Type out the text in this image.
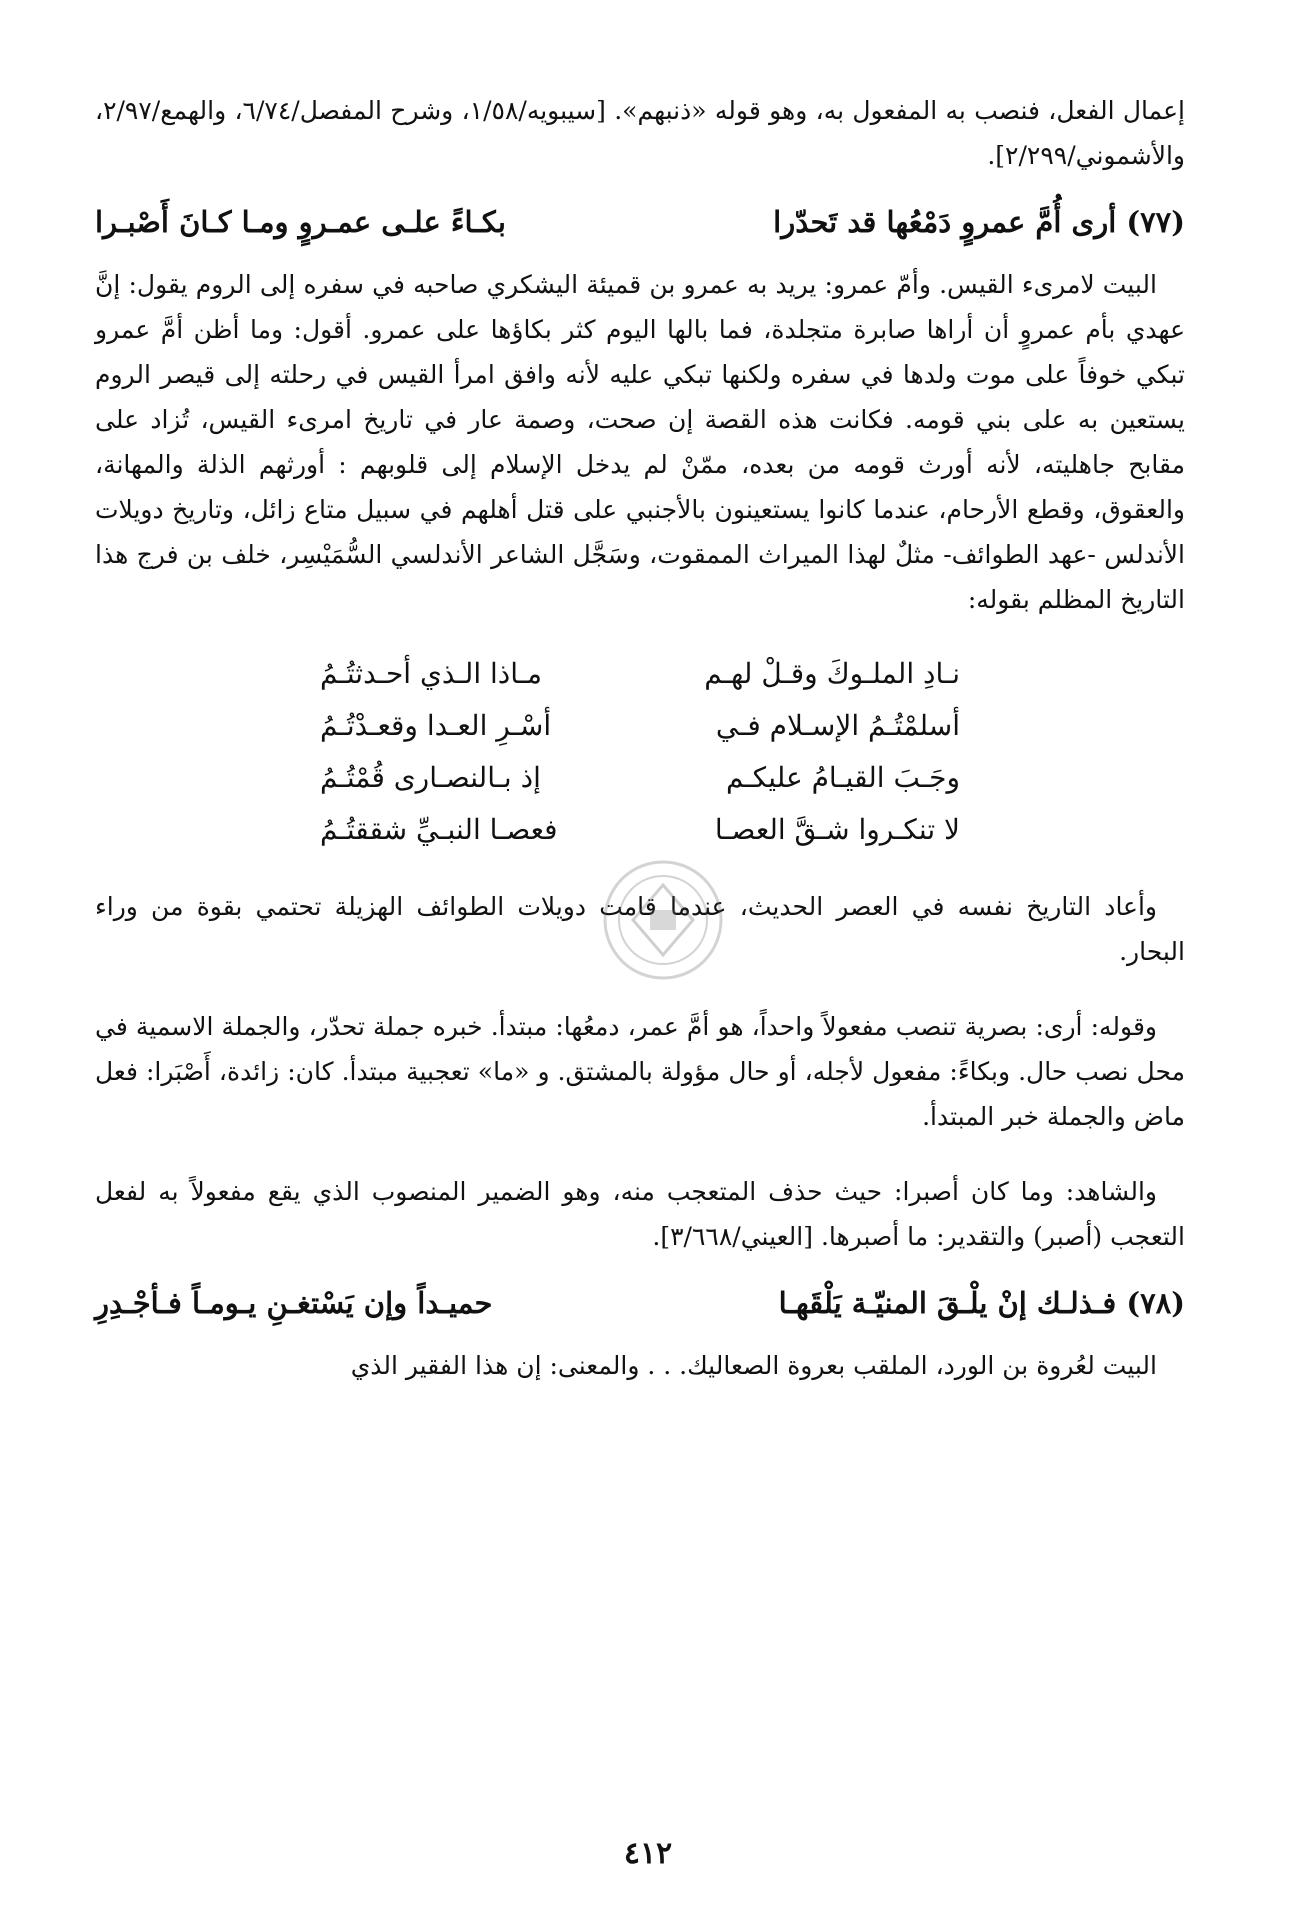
إعمال الفعل، فنصب به المفعول به، وهو قوله «ذنبهم». [سيبويه/١/٥٨، وشرح المفصل/٦/٧٤، والهمع/٢/٩٧، والأشموني/٢/٢٩٩].

(٧٧) أرى أُمَّ عمروٍ دَمْعُها قد تَحدّرا
بكـاءً علـى عمـروٍ ومـا كـانَ أَصْبـرا

البيت لامرىء القيس. وأمّ عمرو: يريد به عمرو بن قميئة اليشكري صاحبه في سفره إلى الروم يقول: إنَّ عهدي بأم عمروٍ أن أراها صابرة متجلدة، فما بالها اليوم كثر بكاؤها على عمرو. أقول: وما أظن أمَّ عمرو تبكي خوفاً على موت ولدها في سفره ولكنها تبكي عليه لأنه وافق امرأ القيس في رحلته إلى قيصر الروم يستعين به على بني قومه. فكانت هذه القصة إن صحت، وصمة عار في تاريخ امرىء القيس، تُزاد على مقابح جاهليته، لأنه أورث قومه من بعده، ممّنْ لم يدخل الإسلام إلى قلوبهم : أورثهم الذلة والمهانة، والعقوق، وقطع الأرحام، عندما كانوا يستعينون بالأجنبي على قتل أهلهم في سبيل متاع زائل، وتاريخ دويلات الأندلس -عهد الطوائف- مثلٌ لهذا الميراث الممقوت، وسَجَّل الشاعر الأندلسي السُّمَيْسِر، خلف بن فرج هذا التاريخ المظلم بقوله:

نـادِ الملـوكَ وقـلْ لهـم
مـاذا الـذي أحـدثتُـمُ
أسلمْتُـمُ الإسـلام فـي
أسْـرِ العـدا وقعـدْتُـمُ
وجَـبَ القيـامُ عليكـم
إذ بـالنصـارى قُمْتُـمُ
لا تنكـروا شـقَّ العصـا
فعصـا النبـيِّ شققتُـمُ

وأعاد التاريخ نفسه في العصر الحديث، عندما قامت دويلات الطوائف الهزيلة تحتمي بقوة من وراء البحار.

وقوله: أرى: بصرية تنصب مفعولاً واحداً، هو أمَّ عمر، دمعُها: مبتدأ. خبره جملة تحدّر، والجملة الاسمية في محل نصب حال. وبكاءً: مفعول لأجله، أو حال مؤولة بالمشتق. و «ما» تعجبية مبتدأ. كان: زائدة، أَصْبَرا: فعل ماض والجملة خبر المبتدأ.

والشاهد: وما كان أصبرا: حيث حذف المتعجب منه، وهو الضمير المنصوب الذي يقع مفعولاً به لفعل التعجب (أصبر) والتقدير: ما أصبرها. [العيني/٣/٦٦٨].

(٧٨) فـذلـك إنْ يلْـقَ المنيّـة يَلْقَهـا
حميـداً وإن يَسْتغـنِ يـومـاً فـأجْـدِرِ

البيت لعُروة بن الورد، الملقب بعروة الصعاليك. . . والمعنى: إن هذا الفقير الذي

٤١٢
